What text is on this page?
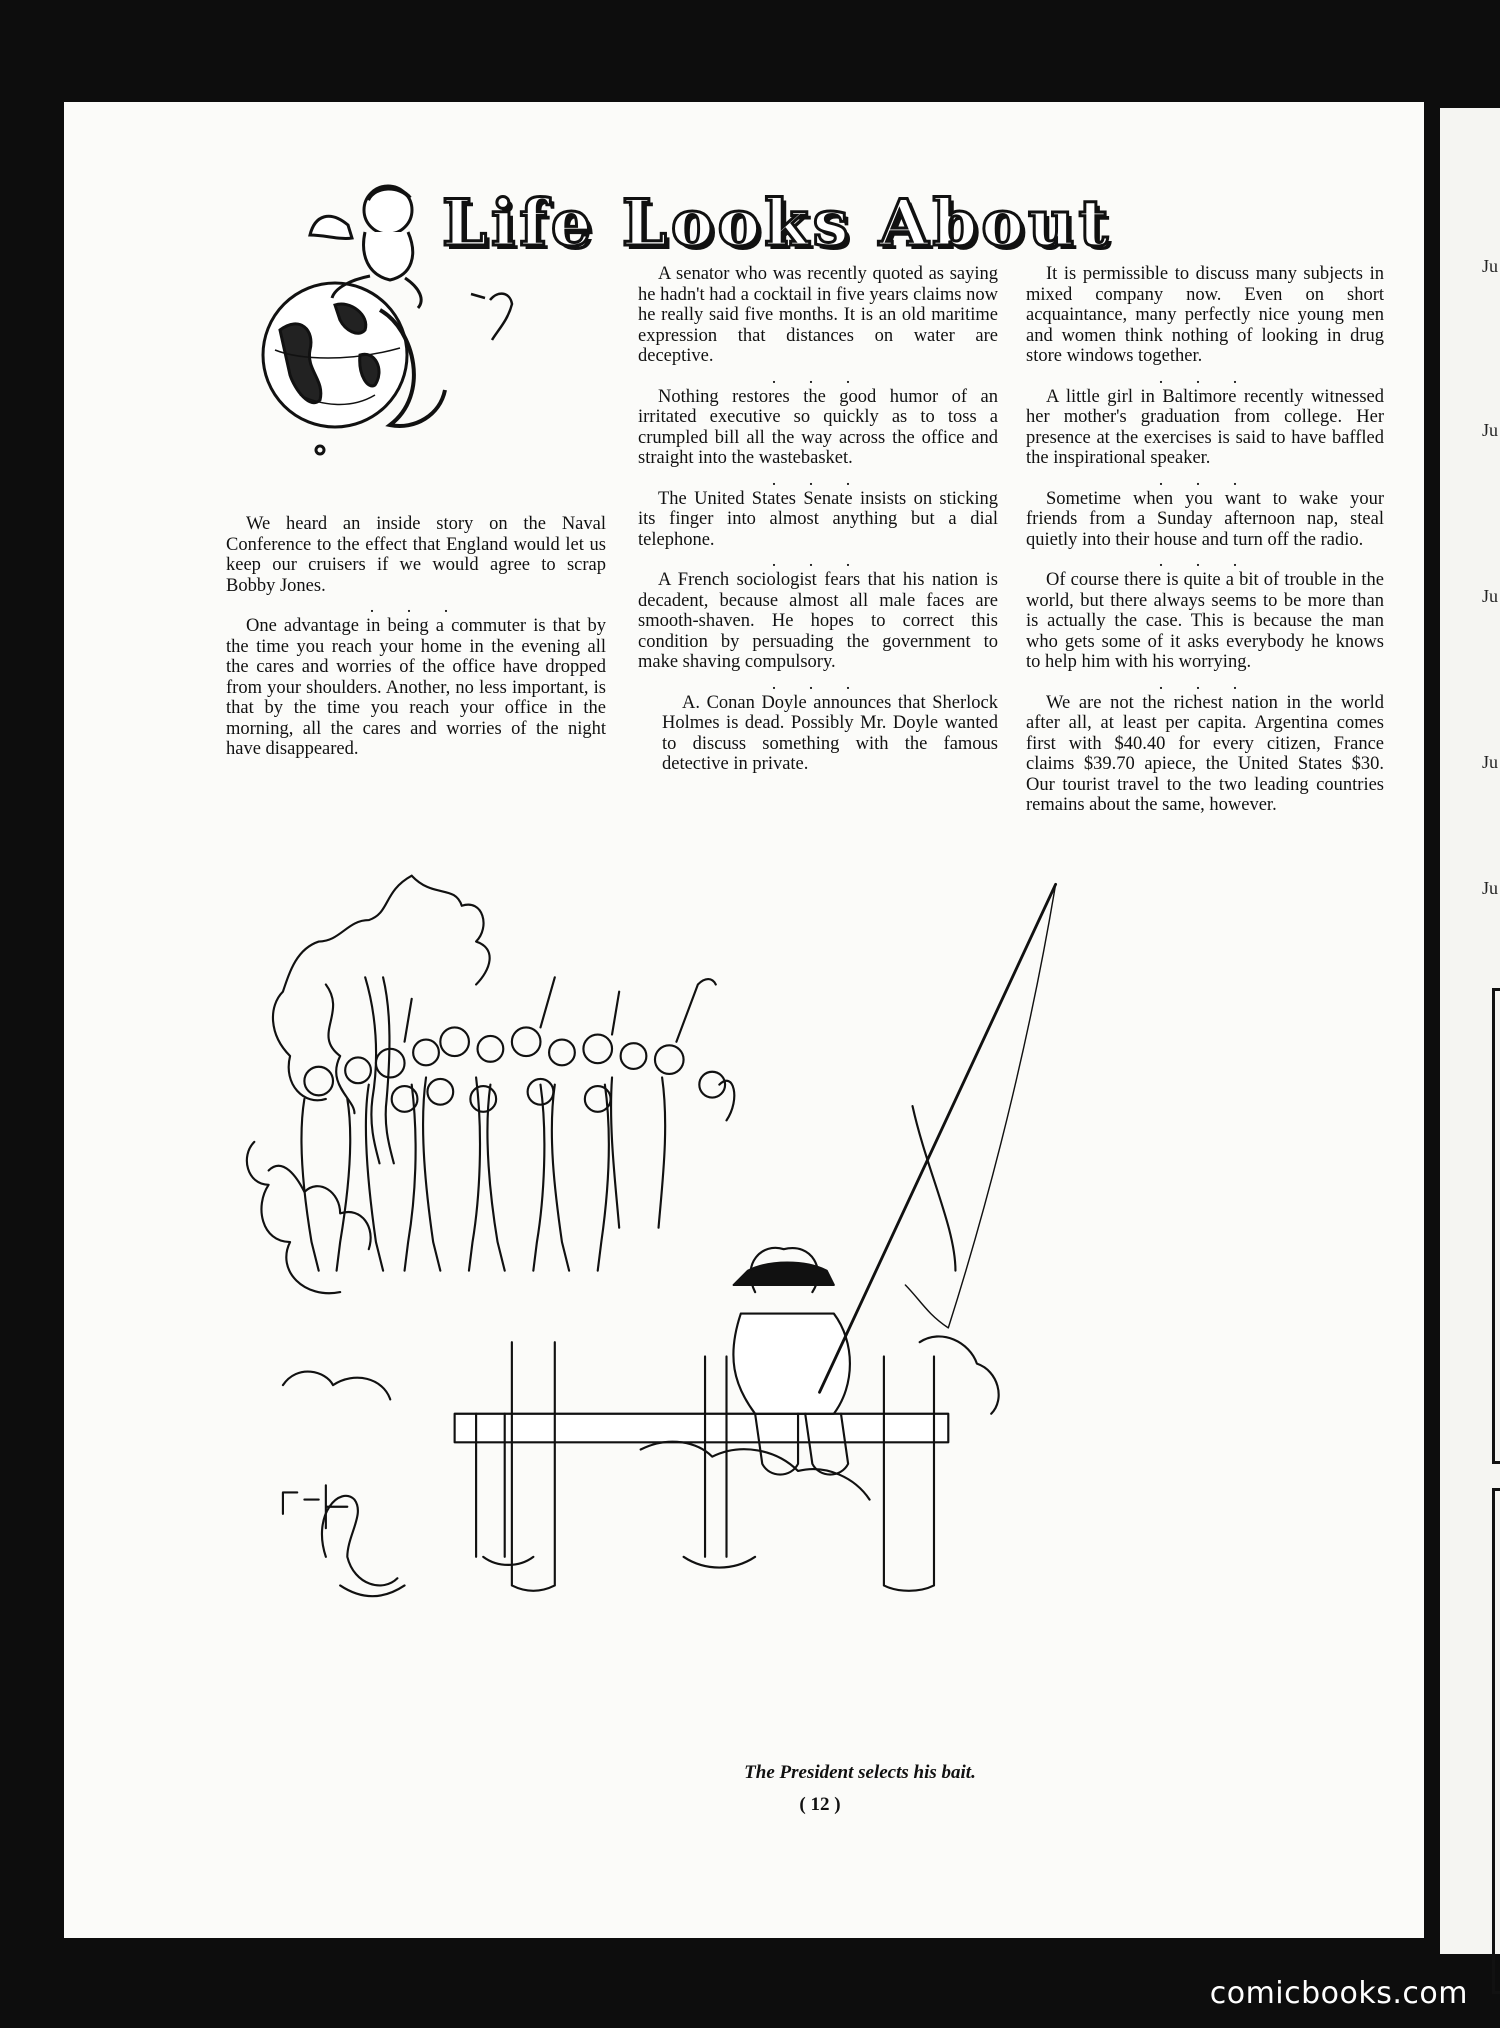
Ju
Ju
Ju
Ju
Ju
Life Looks About

We heard an inside story on the Naval Conference to the effect that England would let us keep our cruisers if we would agree to scrap Bobby Jones.

. . .

One advantage in being a commuter is that by the time you reach your home in the evening all the cares and worries of the office have dropped from your shoulders. Another, no less important, is that by the time you reach your office in the morning, all the cares and worries of the night have disappeared.

A senator who was recently quoted as saying he hadn't had a cocktail in five years claims now he really said five months. It is an old maritime expression that distances on water are deceptive.

. . .

Nothing restores the good humor of an irritated executive so quickly as to toss a crumpled bill all the way across the office and straight into the wastebasket.

. . .

The United States Senate insists on sticking its finger into almost anything but a dial telephone.

. . .

A French sociologist fears that his nation is decadent, because almost all male faces are smooth-shaven. He hopes to correct this condition by persuading the government to make shaving compulsory.

. . .

A. Conan Doyle announces that Sherlock Holmes is dead. Possibly Mr. Doyle wanted to discuss something with the famous detective in private.

It is permissible to discuss many subjects in mixed company now. Even on short acquaintance, many perfectly nice young men and women think nothing of looking in drug store windows together.

. . .

A little girl in Baltimore recently witnessed her mother's graduation from college. Her presence at the exercises is said to have baffled the inspirational speaker.

. . .

Sometime when you want to wake your friends from a Sunday afternoon nap, steal quietly into their house and turn off the radio.

. . .

Of course there is quite a bit of trouble in the world, but there always seems to be more than is actually the case. This is because the man who gets some of it asks everybody he knows to help him with his worrying.

. . .

We are not the richest nation in the world after all, at least per capita. Argentina comes first with $40.40 for every citizen, France claims $39.70 apiece, the United States $30. Our tourist travel to the two leading countries remains about the same, however.

The President selects his bait.
( 12 )
comicbooks.com
